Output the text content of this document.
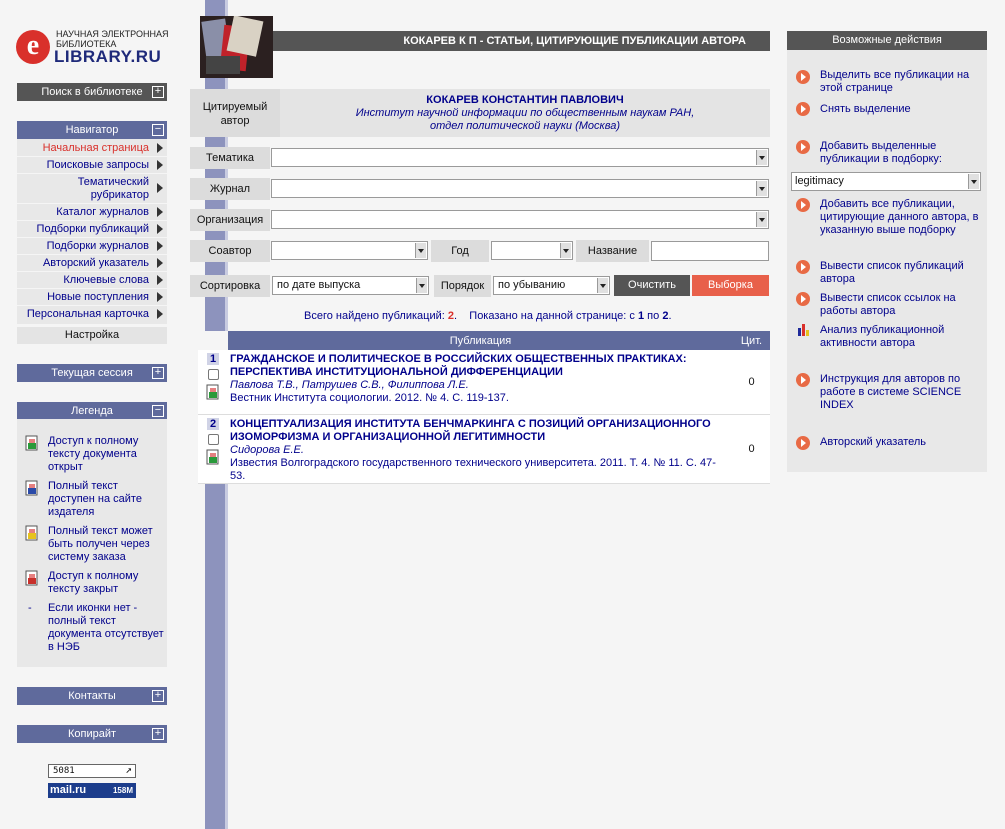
e	НАУЧНАЯ ЭЛЕКТРОННАЯ БИБЛИОТЕКА
LIBRARY.RU
Поиск в библиотеке +
Навигатор	−
Начальная страница
Поисковые запросы
Тематический рубрикатор
Каталог журналов
Подборки публикаций
Подборки журналов
Авторский указатель
Ключевые слова
Новые поступления
Персональная карточка
Настройка
Текущая сессия +
Легенда	−
Доступ к полному тексту документа открыт
Полный текст доступен на сайте издателя
Полный текст может быть получен через систему заказа
Доступ к полному тексту закрыт
- Если иконки нет - полный текст документа отсутствует в НЭБ
Контакты	+
Копирайт	+
5081	↗
mail.ru	158M
КОКАРЕВ К П - СТАТЬИ, ЦИТИРУЮЩИЕ ПУБЛИКАЦИИ АВТОРА
Цитируемый автор
КОКАРЕВ КОНСТАНТИН ПАВЛОВИЧ
Институт научной информации по общественным наукам РАН, отдел политической науки (Москва)
Тематика
Журнал
Организация
Соавтор	Год	Название
Сортировка	по дате выпуска	Порядок	по убыванию	Очистить	Выборка
Всего найдено публикаций: 2. Показано на данной странице: с 1 по 2.
	Публикация	Цит.
1	ГРАЖДАНСКОЕ И ПОЛИТИЧЕСКОЕ В РОССИЙСКИХ ОБЩЕСТВЕННЫХ ПРАКТИКАХ: ПЕРСПЕКТИВА ИНСТИТУЦИОНАЛЬНОЙ ДИФФЕРЕНЦИАЦИИ
Павлова Т.В., Патрушев С.В., Филиппова Л.Е.
Вестник Института социологии. 2012. № 4. С. 119-137.	0
2	КОНЦЕПТУАЛИЗАЦИЯ ИНСТИТУТА БЕНЧМАРКИНГА С ПОЗИЦИЙ ОРГАНИЗАЦИОННОГО ИЗОМОРФИЗМА И ОРГАНИЗАЦИОННОЙ ЛЕГИТИМНОСТИ
Сидорова Е.Е.
Известия Волгоградского государственного технического университета. 2011. Т. 4. № 11. С. 47-53.	0
Возможные действия
Выделить все публикации на этой странице
Снять выделение
Добавить выделенные публикации в подборку:
Добавить все публикации, цитирующие данного автора, в указанную выше подборку
Вывести список публикаций автора
Вывести список ссылок на работы автора
Анализ публикационной активности автора
Инструкция для авторов по работе в системе SCIENCE INDEX
Авторский указатель
legitimacy
